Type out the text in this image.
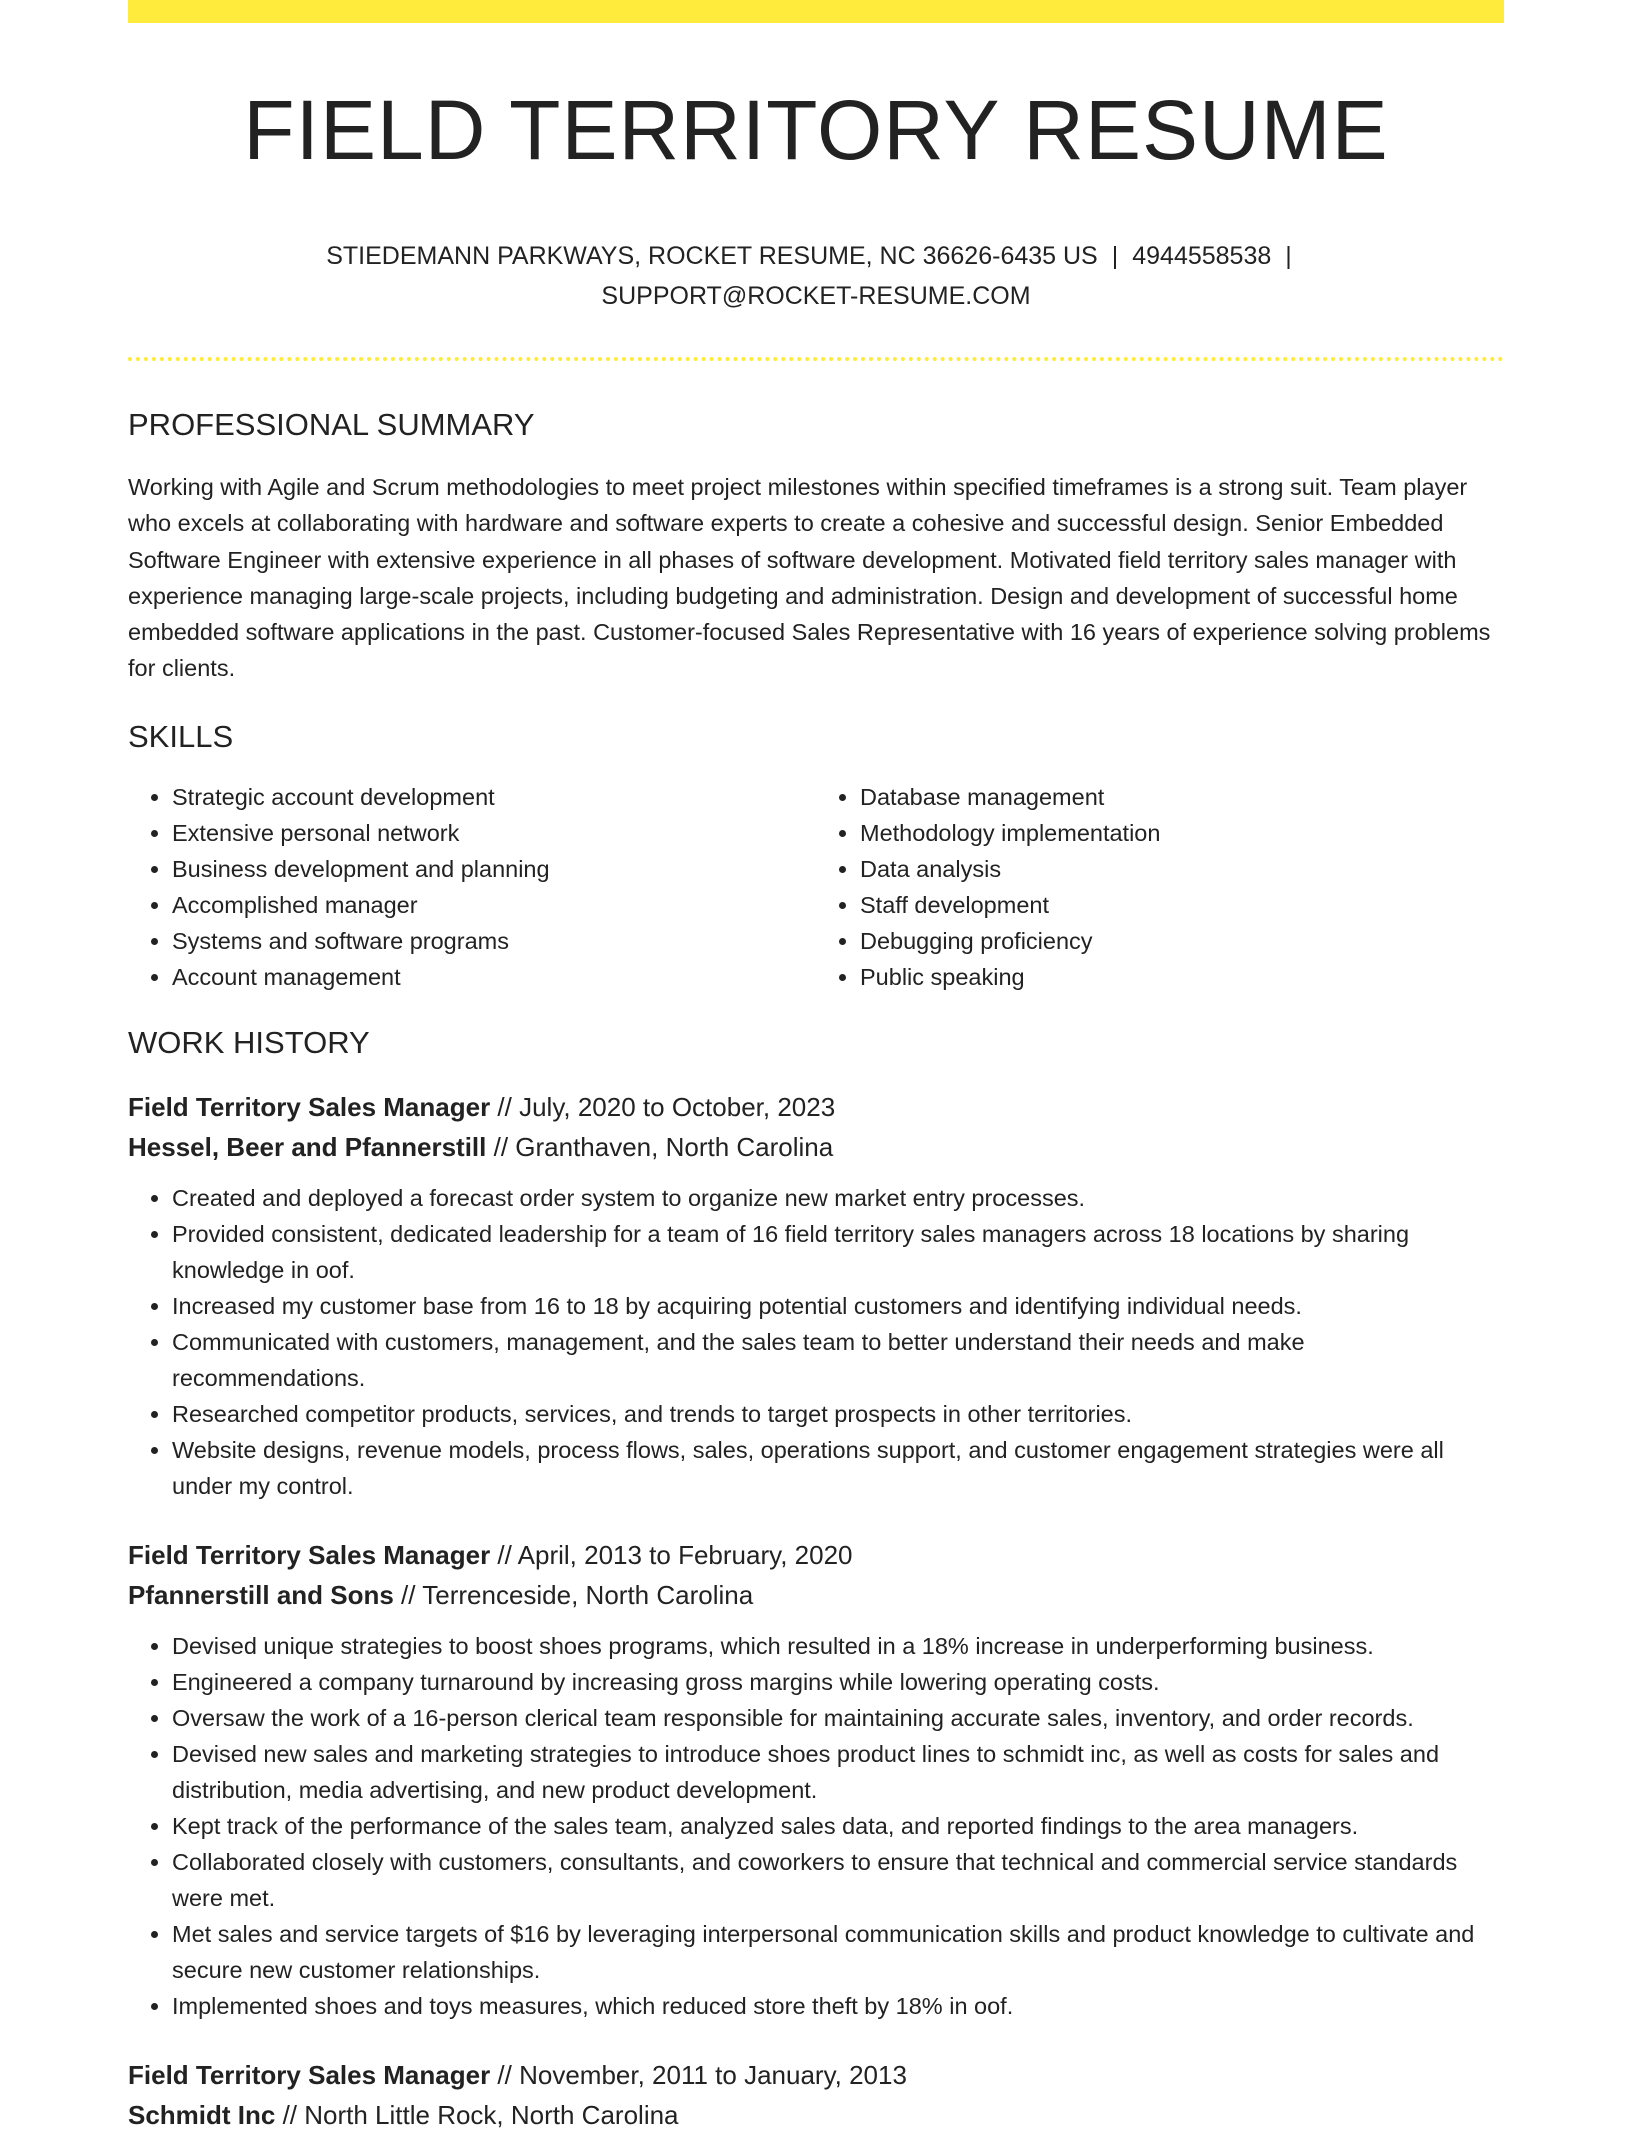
FIELD TERRITORY RESUME
STIEDEMANN PARKWAYS, ROCKET RESUME, NC 36626-6435 US | 4944558538 |
SUPPORT@ROCKET-RESUME.COM
PROFESSIONAL SUMMARY

Working with Agile and Scrum methodologies to meet project milestones within specified timeframes is a strong suit. Team player who excels at collaborating with hardware and software experts to create a cohesive and successful design. Senior Embedded Software Engineer with extensive experience in all phases of software development. Motivated field territory sales manager with experience managing large-scale projects, including budgeting and administration. Design and development of successful home embedded software applications in the past. Customer-focused Sales Representative with 16 years of experience solving problems for clients.

SKILLS
• Strategic account development
• Extensive personal network
• Business development and planning
• Accomplished manager
• Systems and software programs
• Account management
• Database management
• Methodology implementation
• Data analysis
• Staff development
• Debugging proficiency
• Public speaking
WORK HISTORY
Field Territory Sales Manager // July, 2020 to October, 2023
Hessel, Beer and Pfannerstill // Granthaven, North Carolina
• Created and deployed a forecast order system to organize new market entry processes.
• Provided consistent, dedicated leadership for a team of 16 field territory sales managers across 18 locations by sharing knowledge in oof.
• Increased my customer base from 16 to 18 by acquiring potential customers and identifying individual needs.
• Communicated with customers, management, and the sales team to better understand their needs and make recommendations.
• Researched competitor products, services, and trends to target prospects in other territories.
• Website designs, revenue models, process flows, sales, operations support, and customer engagement strategies were all under my control.
Field Territory Sales Manager // April, 2013 to February, 2020
Pfannerstill and Sons // Terrenceside, North Carolina
• Devised unique strategies to boost shoes programs, which resulted in a 18% increase in underperforming business.
• Engineered a company turnaround by increasing gross margins while lowering operating costs.
• Oversaw the work of a 16-person clerical team responsible for maintaining accurate sales, inventory, and order records.
• Devised new sales and marketing strategies to introduce shoes product lines to schmidt inc, as well as costs for sales and distribution, media advertising, and new product development.
• Kept track of the performance of the sales team, analyzed sales data, and reported findings to the area managers.
• Collaborated closely with customers, consultants, and coworkers to ensure that technical and commercial service standards were met.
• Met sales and service targets of $16 by leveraging interpersonal communication skills and product knowledge to cultivate and secure new customer relationships.
• Implemented shoes and toys measures, which reduced store theft by 18% in oof.
Field Territory Sales Manager // November, 2011 to January, 2013
Schmidt Inc // North Little Rock, North Carolina
